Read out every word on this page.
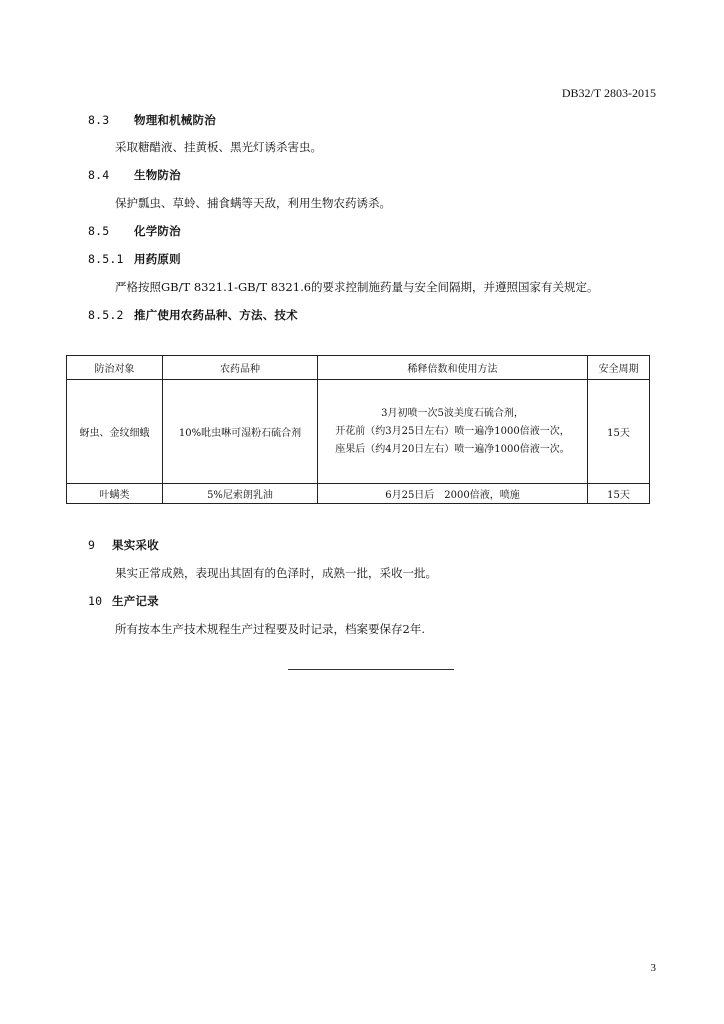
DB32/T 2803-2015
8.3 物理和机械防治
采取糖醋液、挂黄板、黑光灯诱杀害虫。
8.4 生物防治
保护瓢虫、草蛉、捕食螨等天敌，利用生物农药诱杀。
8.5 化学防治
8.5.1 用药原则
严格按照GB/T 8321.1-GB/T 8321.6的要求控制施药量与安全间隔期，并遵照国家有关规定。
8.5.2 推广使用农药品种、方法、技术
防治对象	农药品种	稀释倍数和使用方法	安全周期
蚜虫、金纹细蛾	10%吡虫啉可湿粉石硫合剂	3月初喷一次5波美度石硫合剂，
开花前（约3月25日左右）喷一遍净1000倍液一次，
座果后（约4月20日左右）喷一遍净1000倍液一次。	15天
叶螨类	5%尼索朗乳油	6月25日后　2000倍液，喷施	15天
9 果实采收
果实正常成熟，表现出其固有的色泽时，成熟一批，采收一批。
10 生产记录
所有按本生产技术规程生产过程要及时记录，档案要保存2年.
3
